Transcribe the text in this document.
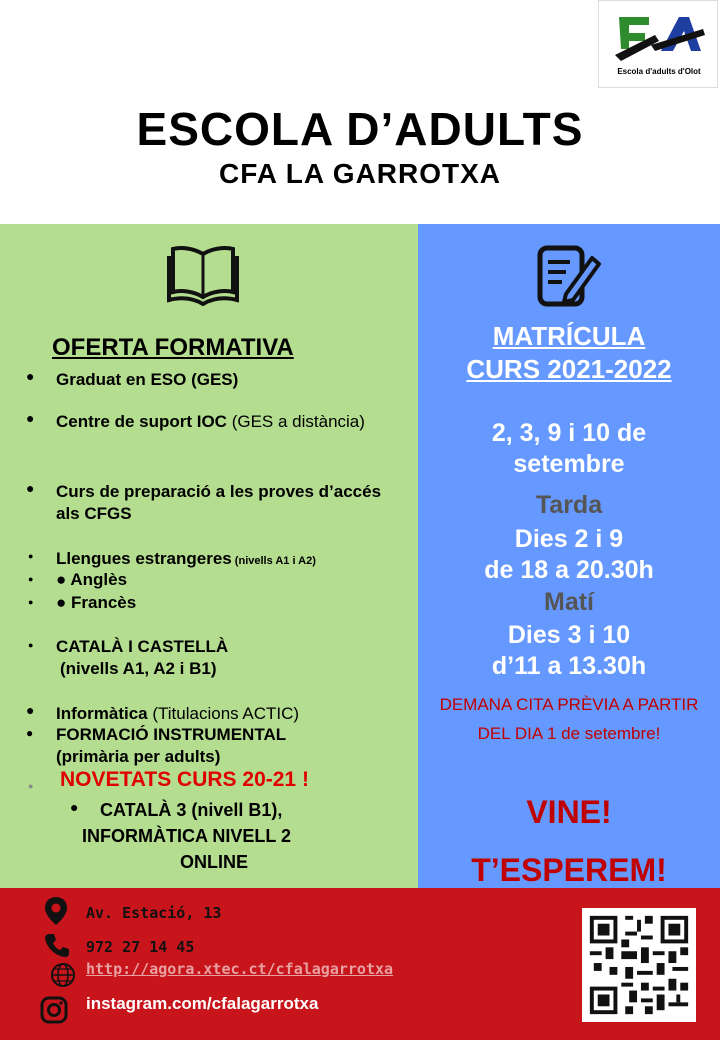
Escola d'adults d'Olot
ESCOLA D’ADULTS
CFA LA GARROTXA
OFERTA FORMATIVA
● Graduat en ESO (GES)
● Centre de suport IOC (GES a distància)
● Curs de preparació a les proves d’accés als CFGS
● Llengues estrangeres (nivells A1 i A2)
● ● Anglès
● ● Francès
● CATALÀ I CASTELLÀ
(nivells A1, A2 i B1)
● Informàtica (Titulacions ACTIC)
● FORMACIÓ INSTRUMENTAL
(primària per adults)
● NOVETATS CURS 20-21 !
● CATALÀ 3 (nivell B1),
INFORMÀTICA NIVELL 2
ONLINE
MATRÍCULA
CURS 2021-2022
2, 3, 9 i 10 de
setembre
Tarda
Dies 2 i 9
de 18 a 20.30h
Matí
Dies 3 i 10
d’11 a 13.30h
DEMANA CITA PRÈVIA A PARTIR DEL DIA 1 de setembre!
VINE!
T’ESPEREM!
Av. Estació, 13
972 27 14 45
http://agora.xtec.ct/cfalagarrotxa
instagram.com/cfalagarrotxa
